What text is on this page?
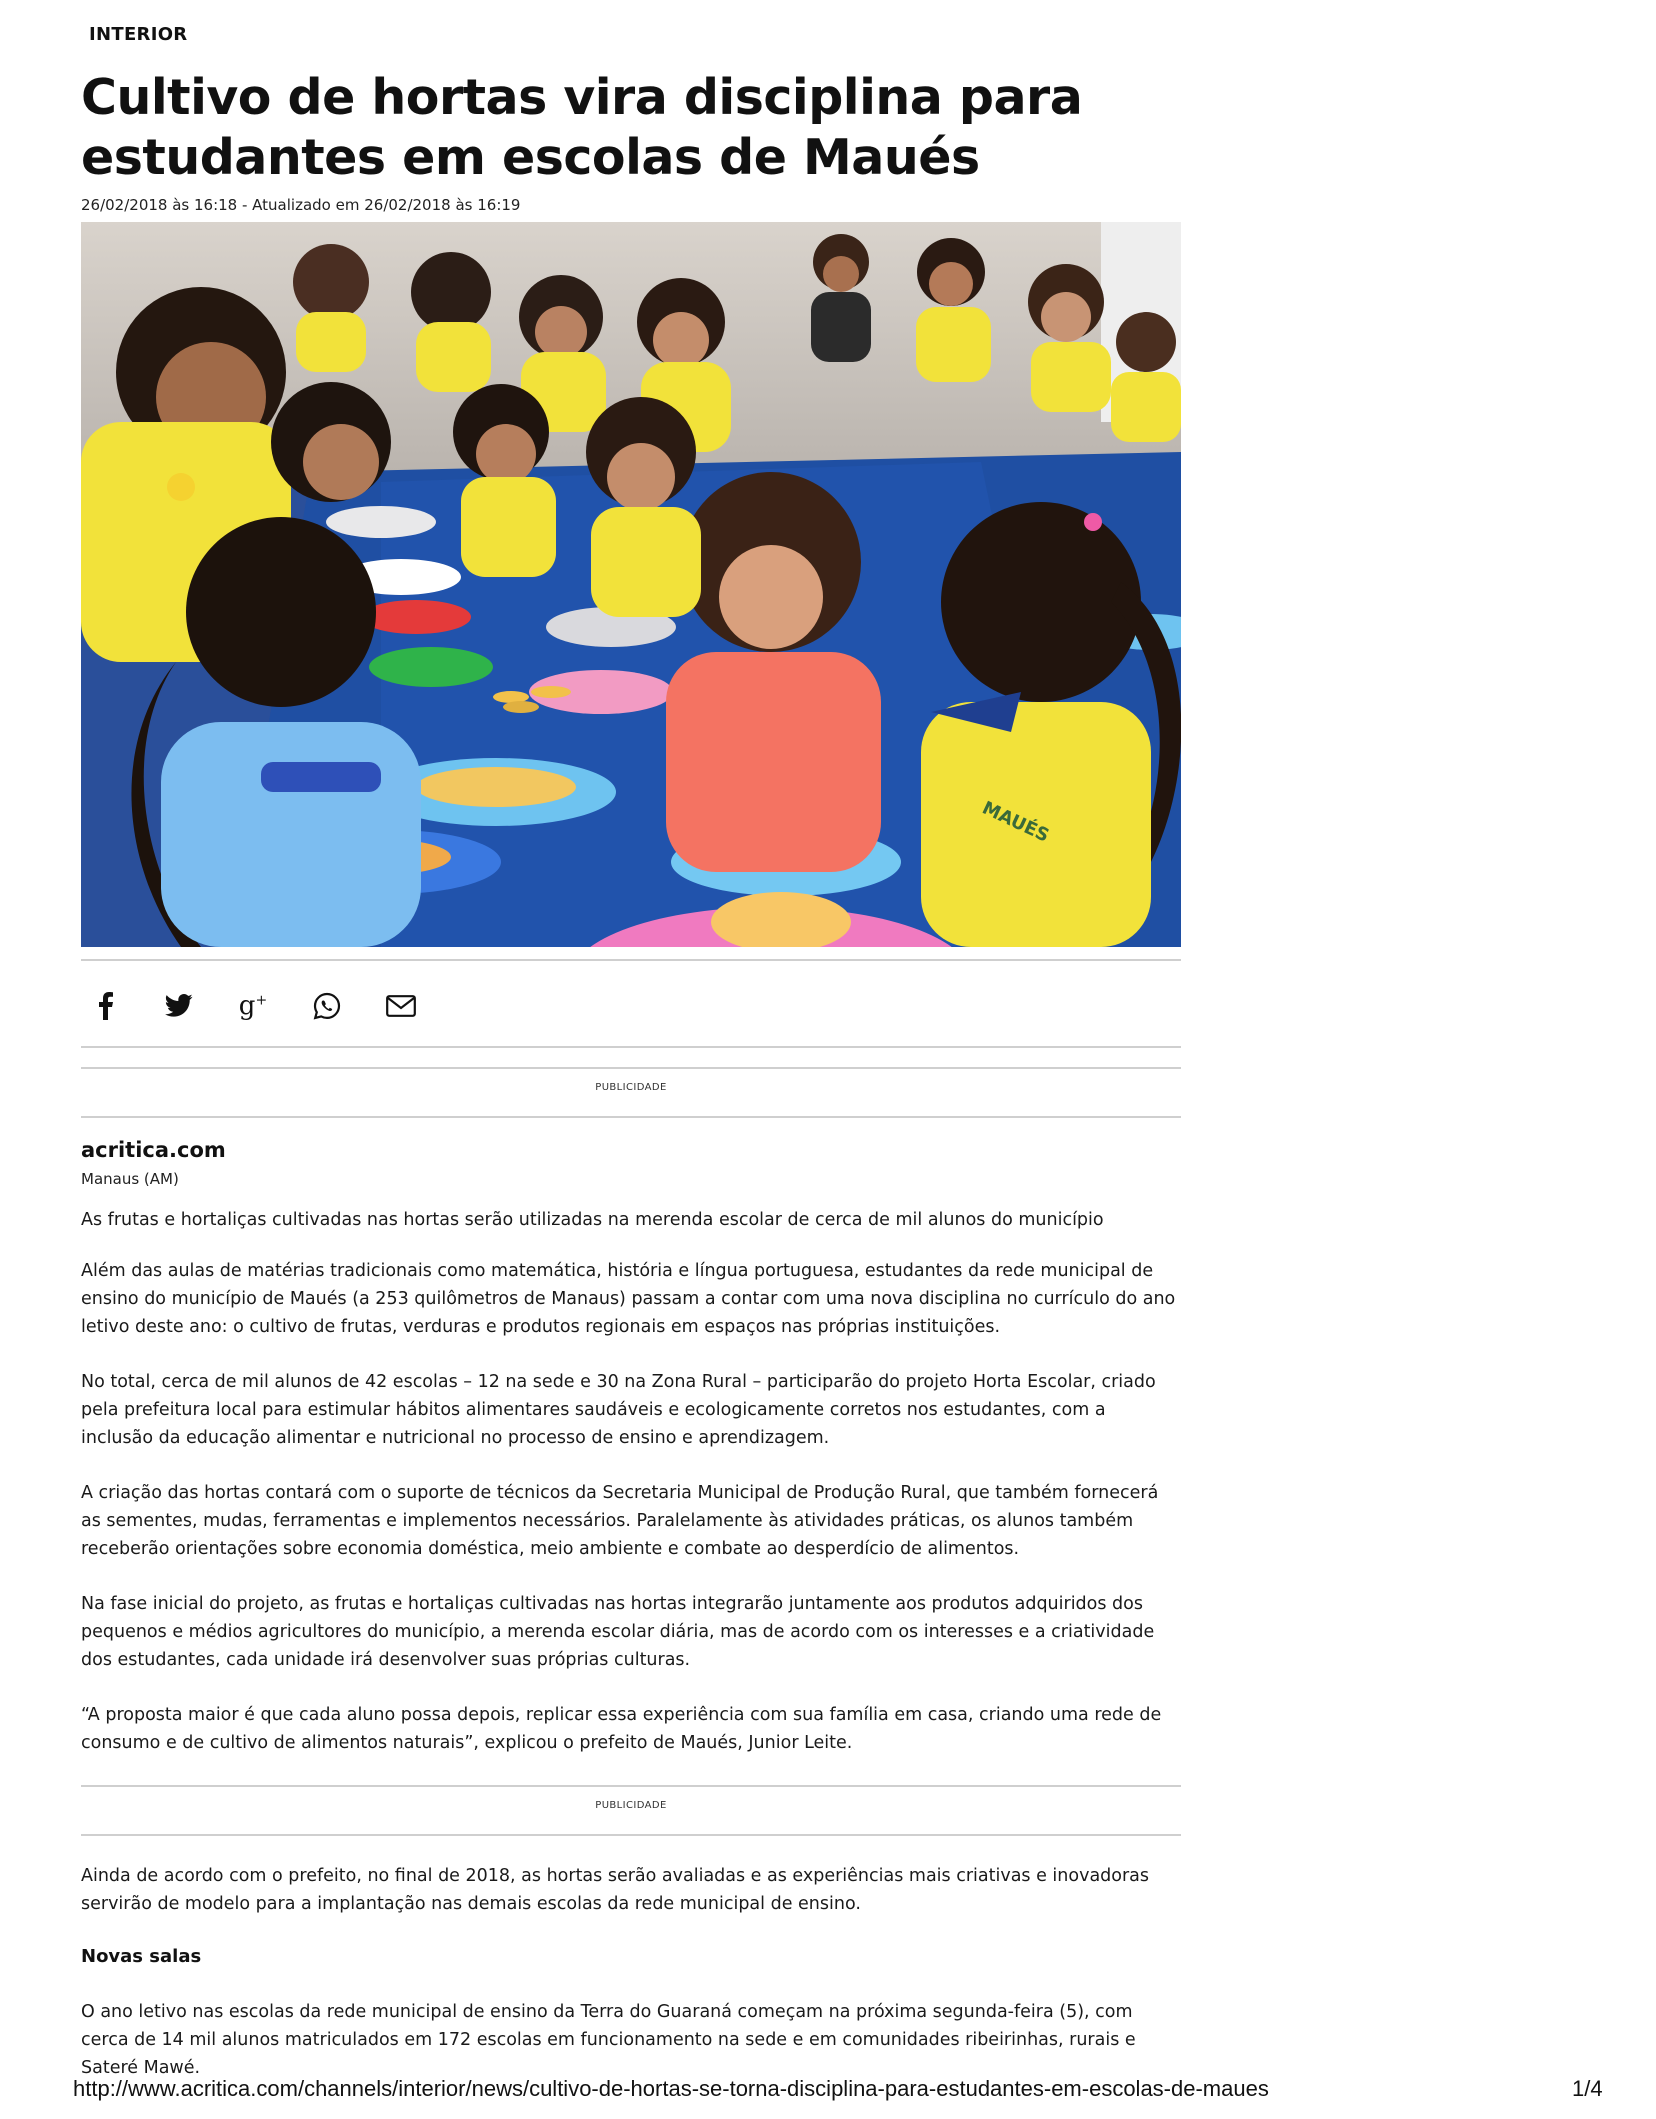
INTERIOR
Cultivo de hortas vira disciplina para
estudantes em escolas de Maués
26/02/2018 às 16:18 - Atualizado em 26/02/2018 às 16:19
MAUÉS
g+
PUBLICIDADE
acritica.com
Manaus (AM)

As frutas e hortaliças cultivadas nas hortas serão utilizadas na merenda escolar de cerca de mil alunos do município

Além das aulas de matérias tradicionais como matemática, história e língua portuguesa, estudantes da rede municipal de ensino do município de Maués (a 253 quilômetros de Manaus) passam a contar com uma nova disciplina no currículo do ano letivo deste ano: o cultivo de frutas, verduras e produtos regionais em espaços nas próprias instituições.

No total, cerca de mil alunos de 42 escolas – 12 na sede e 30 na Zona Rural – participarão do projeto Horta Escolar, criado pela prefeitura local para estimular hábitos alimentares saudáveis e ecologicamente corretos nos estudantes, com a inclusão da educação alimentar e nutricional no processo de ensino e aprendizagem.

A criação das hortas contará com o suporte de técnicos da Secretaria Municipal de Produção Rural, que também fornecerá as sementes, mudas, ferramentas e implementos necessários. Paralelamente às atividades práticas, os alunos também receberão orientações sobre economia doméstica, meio ambiente e combate ao desperdício de alimentos.

Na fase inicial do projeto, as frutas e hortaliças cultivadas nas hortas integrarão juntamente aos produtos adquiridos dos pequenos e médios agricultores do município, a merenda escolar diária, mas de acordo com os interesses e a criatividade dos estudantes, cada unidade irá desenvolver suas próprias culturas.

“A proposta maior é que cada aluno possa depois, replicar essa experiência com sua família em casa, criando uma rede de consumo e de cultivo de alimentos naturais”, explicou o prefeito de Maués, Junior Leite.

PUBLICIDADE

Ainda de acordo com o prefeito, no final de 2018, as hortas serão avaliadas e as experiências mais criativas e inovadoras servirão de modelo para a implantação nas demais escolas da rede municipal de ensino.

Novas salas

O ano letivo nas escolas da rede municipal de ensino da Terra do Guaraná começam na próxima segunda-feira (5), com cerca de 14 mil alunos matriculados em 172 escolas em funcionamento na sede e em comunidades ribeirinhas, rurais e Sateré Mawé.

http://www.acritica.com/channels/interior/news/cultivo-de-hortas-se-torna-disciplina-para-estudantes-em-escolas-de-maues	1/4
